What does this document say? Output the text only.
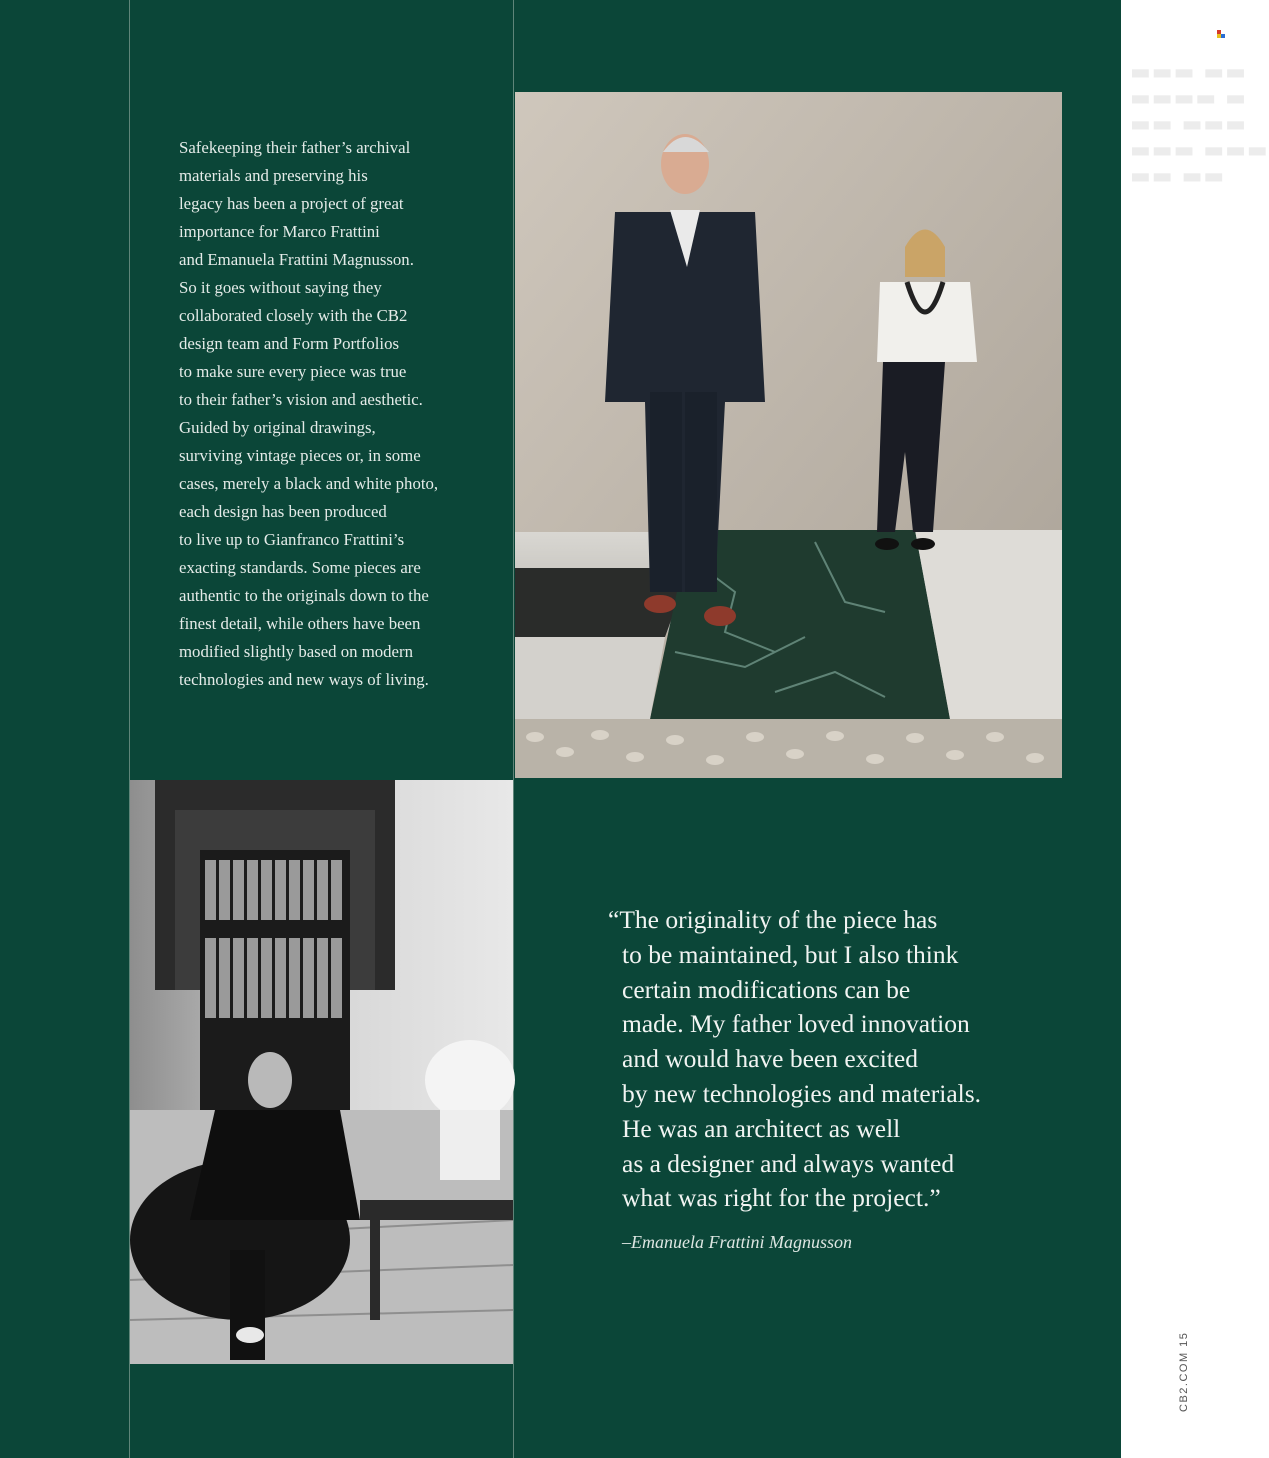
▬▬▬ ▬▬
▬▬▬▬ ▬
▬▬ ▬▬▬
▬▬▬ ▬▬▬
▬▬ ▬▬
Safekeeping their father’s archival
materials and preserving his
legacy has been a project of great
importance for Marco Frattini
and Emanuela Frattini Magnusson.
So it goes without saying they
collaborated closely with the CB2
design team and Form Portfolios
to make sure every piece was true
to their father’s vision and aesthetic.
Guided by original drawings,
surviving vintage pieces or, in some
cases, merely a black and white photo,
each design has been produced
to live up to Gianfranco Frattini’s
exacting standards. Some pieces are
authentic to the originals down to the
finest detail, while others have been
modified slightly based on modern
technologies and new ways of living.
“The originality of the piece has
to be maintained, but I also think
certain modifications can be
made. My father loved innovation
and would have been excited
by new technologies and materials.
He was an architect as well
as a designer and always wanted
what was right for the project.”
–Emanuela Frattini Magnusson
CB2.COM 15
